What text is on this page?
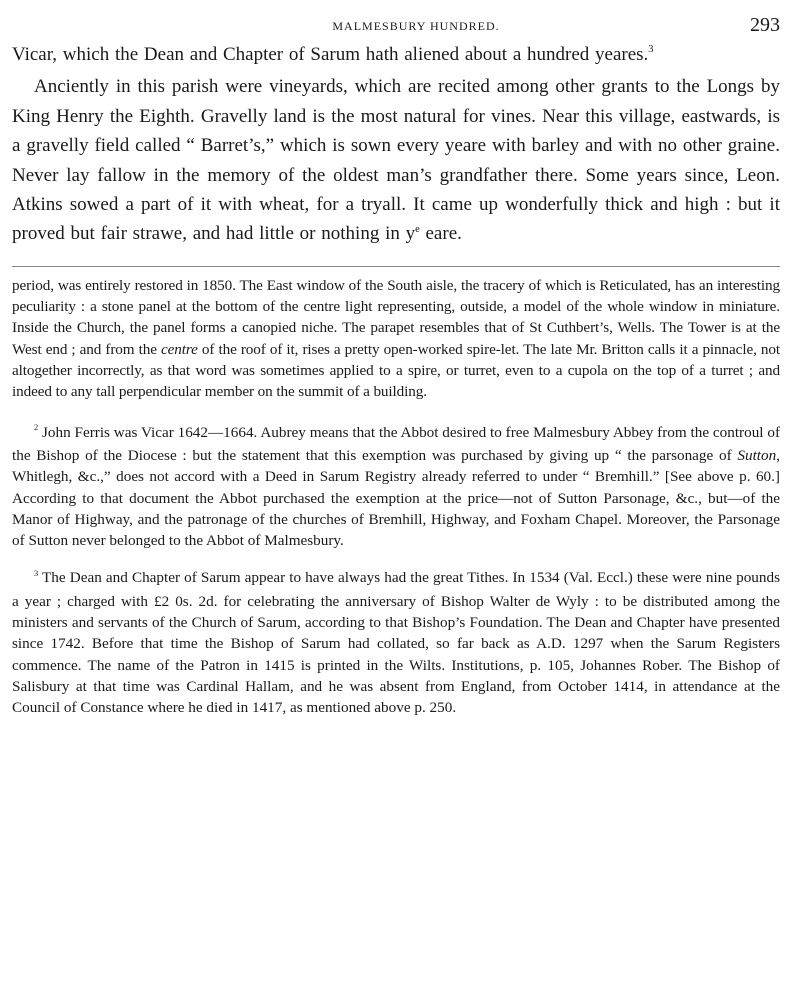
MALMESBURY HUNDRED.	293

Vicar, which the Dean and Chapter of Sarum hath aliened about a hundred yeares.$^3$

Anciently in this parish were vineyards, which are recited among other grants to the Longs by King Henry the Eighth. Gravelly land is the most natural for vines. Near this village, eastwards, is a gravelly field called “ Barret’s,” which is sown every yeare with barley and with no other graine. Never lay fallow in the memory of the oldest man’s grandfather there. Some years since, Leon. Atkins sowed a part of it with wheat, for a tryall. It came up wonderfully thick and high : but it proved but fair strawe, and had little or nothing in $y^e$ eare.

period, was entirely restored in 1850. The East window of the South aisle, the tracery of which is Reticulated, has an interesting peculiarity : a stone panel at the bottom of the centre light representing, outside, a model of the whole window in miniature. Inside the Church, the panel forms a canopied niche. The parapet resembles that of St Cuthbert’s, Wells. The Tower is at the West end ; and from the centre of the roof of it, rises a pretty open-worked spire-let. The late Mr. Britton calls it a pinnacle, not altogether incorrectly, as that word was sometimes applied to a spire, or turret, even to a cupola on the top of a turret ; and indeed to any tall perpendicular member on the summit of a building.

$^2$ John Ferris was Vicar 1642—1664. Aubrey means that the Abbot desired to free Malmesbury Abbey from the controul of the Bishop of the Diocese : but the statement that this exemption was purchased by giving up “ the parsonage of Sutton, Whitlegh, &c.,” does not accord with a Deed in Sarum Registry already referred to under “ Bremhill.” [See above p. 60.] According to that document the Abbot purchased the exemption at the price—not of Sutton Parsonage, &c., but—of the Manor of Highway, and the patronage of the churches of Bremhill, Highway, and Foxham Chapel. Moreover, the Parsonage of Sutton never belonged to the Abbot of Malmesbury.

$^3$ The Dean and Chapter of Sarum appear to have always had the great Tithes. In 1534 (Val. Eccl.) these were nine pounds a year ; charged with £2 0s. 2d. for celebrating the anniversary of Bishop Walter de Wyly : to be distributed among the ministers and servants of the Church of Sarum, according to that Bishop’s Foundation. The Dean and Chapter have presented since 1742. Before that time the Bishop of Sarum had collated, so far back as A.D. 1297 when the Sarum Registers commence. The name of the Patron in 1415 is printed in the Wilts. Institutions, p. 105, Johannes Rober. The Bishop of Salisbury at that time was Cardinal Hallam, and he was absent from England, from October 1414, in attendance at the Council of Constance where he died in 1417, as mentioned above p. 250.
